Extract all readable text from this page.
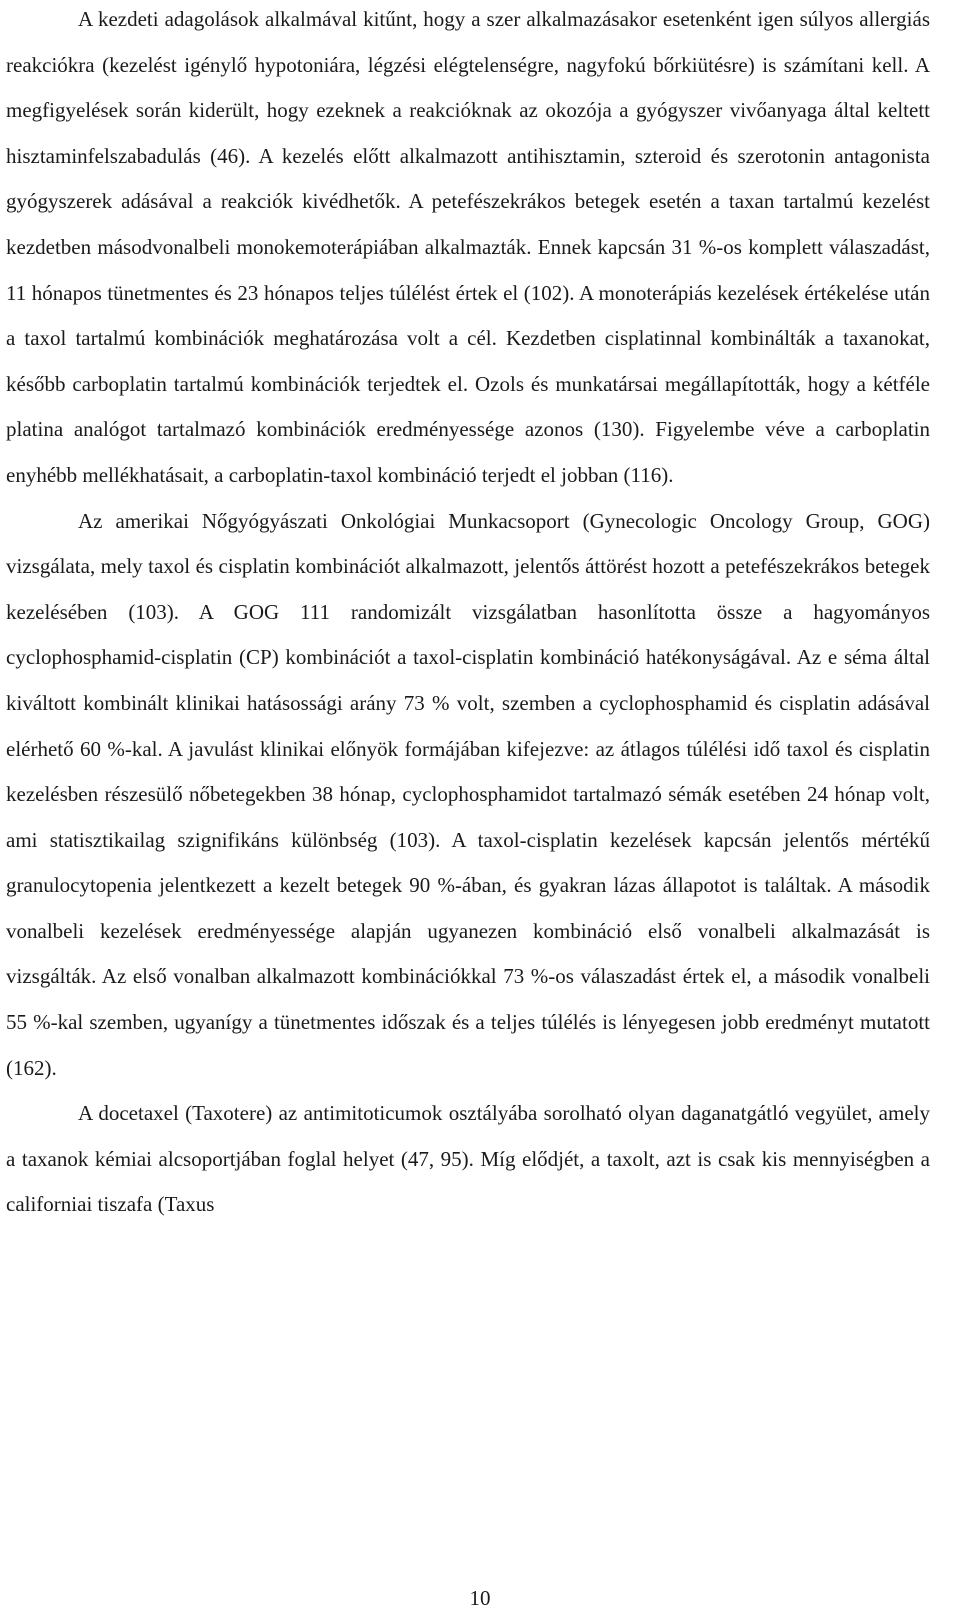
A kezdeti adagolások alkalmával kitűnt, hogy a szer alkalmazásakor esetenként igen súlyos allergiás reakciókra (kezelést igénylő hypotoniára, légzési elégtelenségre, nagyfokú bőrkiütésre) is számítani kell. A megfigyelések során kiderült, hogy ezeknek a reakcióknak az okozója a gyógyszer vivőanyaga által keltett hisztaminfelszabadulás (46). A kezelés előtt alkalmazott antihisztamin, szteroid és szerotonin antagonista gyógyszerek adásával a reakciók kivédhetők. A petefészekrákos betegek esetén a taxan tartalmú kezelést kezdetben másodvonalbeli monokemoterápiában alkalmazták. Ennek kapcsán 31 %-os komplett válaszadást, 11 hónapos tünetmentes és 23 hónapos teljes túlélést értek el (102). A monoterápiás kezelések értékelése után a taxol tartalmú kombinációk meghatározása volt a cél. Kezdetben cisplatinnal kombinálták a taxanokat, később carboplatin tartalmú kombinációk terjedtek el. Ozols és munkatársai megállapították, hogy a kétféle platina analógot tartalmazó kombinációk eredményessége azonos (130). Figyelembe véve a carboplatin enyhébb mellékhatásait, a carboplatin-taxol kombináció terjedt el jobban (116).

Az amerikai Nőgyógyászati Onkológiai Munkacsoport (Gynecologic Oncology Group, GOG) vizsgálata, mely taxol és cisplatin kombinációt alkalmazott, jelentős áttörést hozott a petefészekrákos betegek kezelésében (103). A GOG 111 randomizált vizsgálatban hasonlította össze a hagyományos cyclophosphamid-cisplatin (CP) kombinációt a taxol-cisplatin kombináció hatékonyságával. Az e séma által kiváltott kombinált klinikai hatásossági arány 73 % volt, szemben a cyclophosphamid és cisplatin adásával elérhető 60 %-kal. A javulást klinikai előnyök formájában kifejezve: az átlagos túlélési idő taxol és cisplatin kezelésben részesülő nőbetegekben 38 hónap, cyclophosphamidot tartalmazó sémák esetében 24 hónap volt, ami statisztikailag szignifikáns különbség (103). A taxol-cisplatin kezelések kapcsán jelentős mértékű granulocytopenia jelentkezett a kezelt betegek 90 %-ában, és gyakran lázas állapotot is találtak. A második vonalbeli kezelések eredményessége alapján ugyanezen kombináció első vonalbeli alkalmazását is vizsgálták. Az első vonalban alkalmazott kombinációkkal 73 %-os válaszadást értek el, a második vonalbeli 55 %-kal szemben, ugyanígy a tünetmentes időszak és a teljes túlélés is lényegesen jobb eredményt mutatott (162).

A docetaxel (Taxotere) az antimitoticumok osztályába sorolható olyan daganatgátló vegyület, amely a taxanok kémiai alcsoportjában foglal helyet (47, 95). Míg elődjét, a taxolt, azt is csak kis mennyiségben a californiai tiszafa (Taxus

10
